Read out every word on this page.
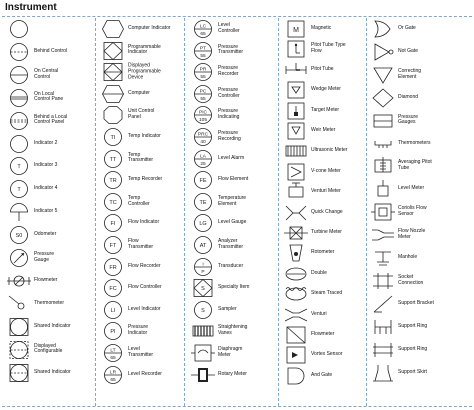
Instrument
Behind Control
On Central
Control
On Local
Control Pane
Behind a Local
Control Panel
Indicator 2
T	Indicator 3
T	Indicator 4
Indicator 5
S0 Odometer
Pressure
Gauge
Flowmeter
Thermometer
Shared Indicator
Displayed
Configurable
Shared Indicator
Computer Indicator
Programmable
Indicator
Displayed
Programmable
Device
Computer
Unit Control
Panel
TI	Temp Indicator
TT
Temp
Transmitter
TR Temp Recorder
TC
Temp
Controller
FI	Flow Indicator
FT
Flow
Transmitter
FR Flow Recorder
FC Flow Controller
LI	Level Indicator
PI
Pressure
Indicator
LT
65
Level
Transmitter
LR
65
Level Recorder
LC
65
Level
Controller
PT
55
Pressure
Transmitter
PR
55
Pressure
Recorder
PC
55
Pressure
Controller
PIC
105
Pressure
Indicating
PRC
40
Pressure
Recording
LA
25
Level Alarm
FE Flow Element
TE
Temperature
Element
LG Level Gauge
AT
Analyzer
Transmitter
I
P
Transducer
S	Specialty Item
S	Sampler
Straightening
Vanes
Diaphragm
Meter
Rotary Meter
M Magnetic
Pitot Tube Type
Flow
Pitot Tube
Wedge Meter
Target Meter
Weir Meter
Ultrasonic Meter
V-cone Meter
Venturi Meter
Quick Change
Turbine Meter
Rotometer
Double
Steam Traced
Venturi
Flowmeter
Vortex Sensor
And Gate
Or Gate
Not Gate
Correcting
Element
Diamond
Pressure
Gauges
Thermometers
Averaging Pitot
Tube
Level Meter
Coriolis Flow
Sensor
Flow Nozzle
Meter
Manhole
Socket
Connection
Support Bracket
Support Ring
Support Ring
Support Skirt
